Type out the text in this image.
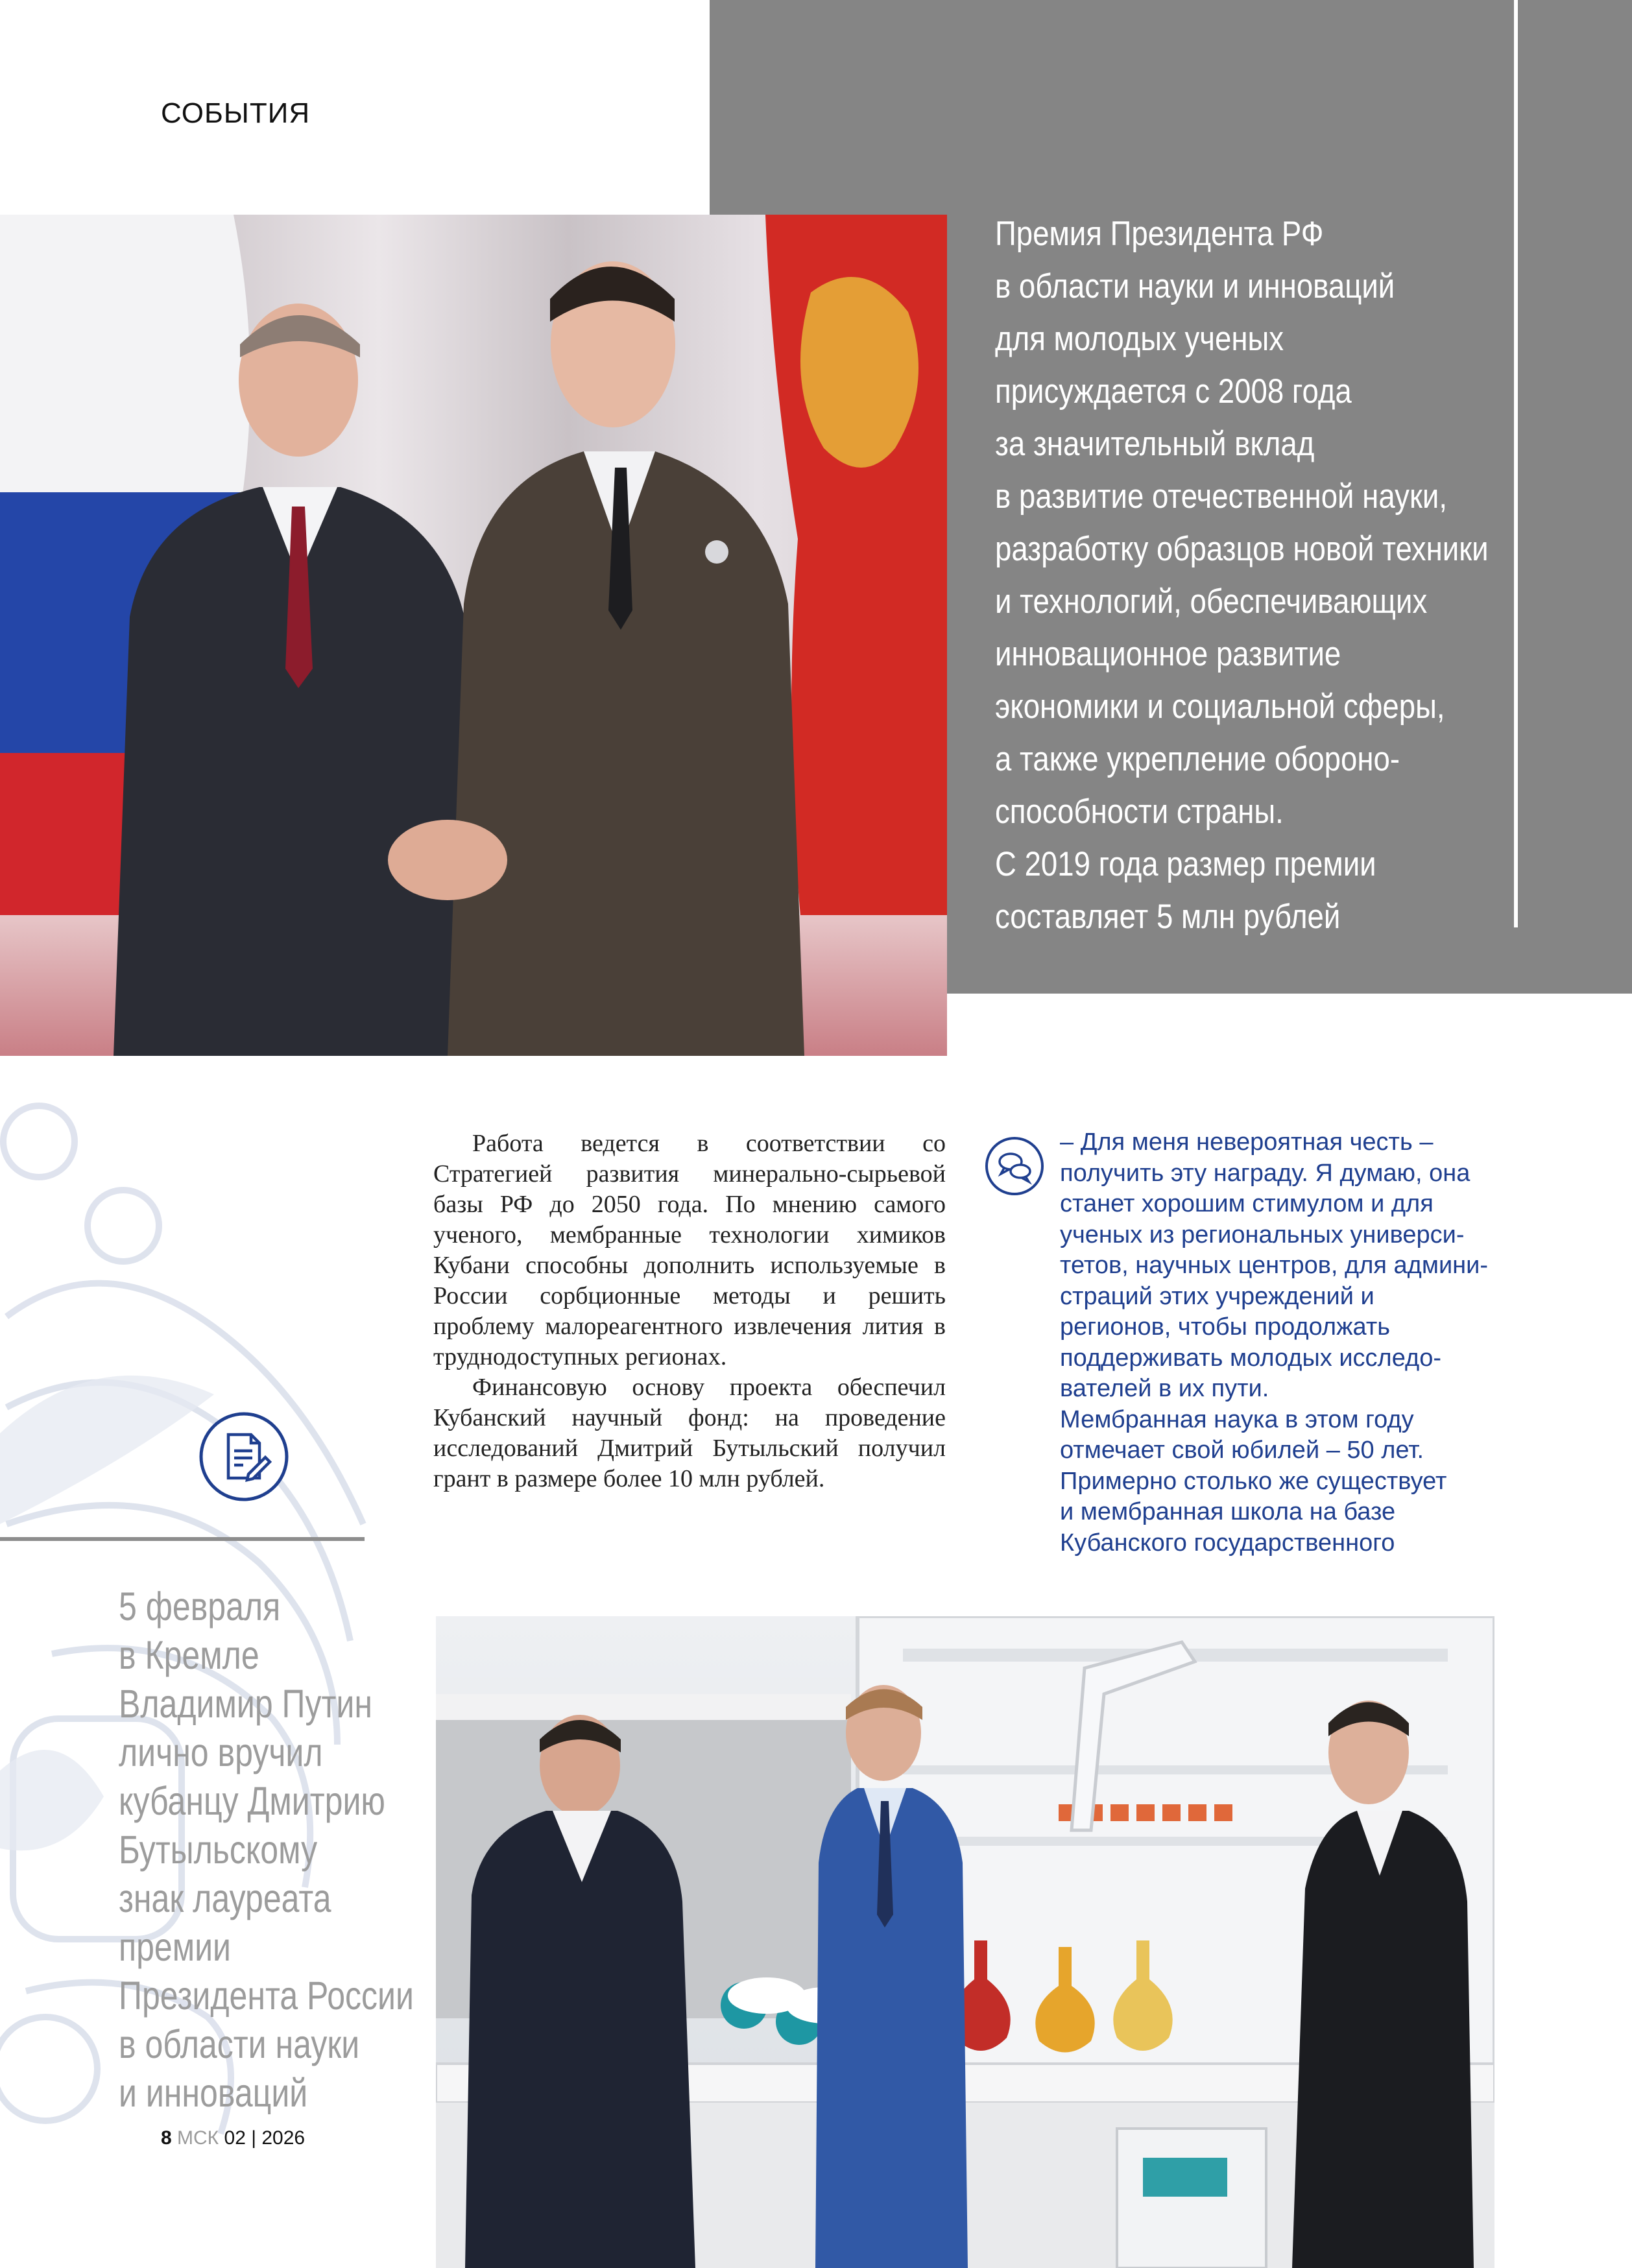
СОБЫТИЯ
Премия Президента РФ
в области науки и инноваций
для молодых ученых
присуждается с 2008 года
за значительный вклад
в развитие отечественной науки,
разработку образцов новой техники
и технологий, обеспечивающих
инновационное развитие
экономики и социальной сферы,
а также укрепление обороно-
способности страны.
С 2019 года размер премии
составляет 5 млн рублей
5 февраля
в Кремле
Владимир Путин
лично вручил
кубанцу Дмитрию
Бутыльскому
знак лауреата
премии
Президента России
в области науки
и инноваций

Работа ведется в соответствии со Стратегией развития минерально-сырьевой базы РФ до 2050 года. По мнению самого ученого, мембранные технологии химиков Кубани способны дополнить используемые в России сорбционные методы и решить проблему малореагентного извлечения лития в труднодоступных регионах.

Финансовую основу проекта обеспечил Кубанский научный фонд: на проведение исследований Дмитрий Бутыльский получил грант в размере более 10 млн рублей.

– Для меня невероятная честь –
получить эту награду. Я думаю, она
станет хорошим стимулом и для
ученых из региональных универси-
тетов, научных центров, для админи-
страций этих учреждений и
регионов, чтобы продолжать
поддерживать молодых исследо-
вателей в их пути.
Мембранная наука в этом году
отмечает свой юбилей – 50 лет.
Примерно столько же существует
и мембранная школа на базе
Кубанского государственного
8 МСК 02 | 2026
